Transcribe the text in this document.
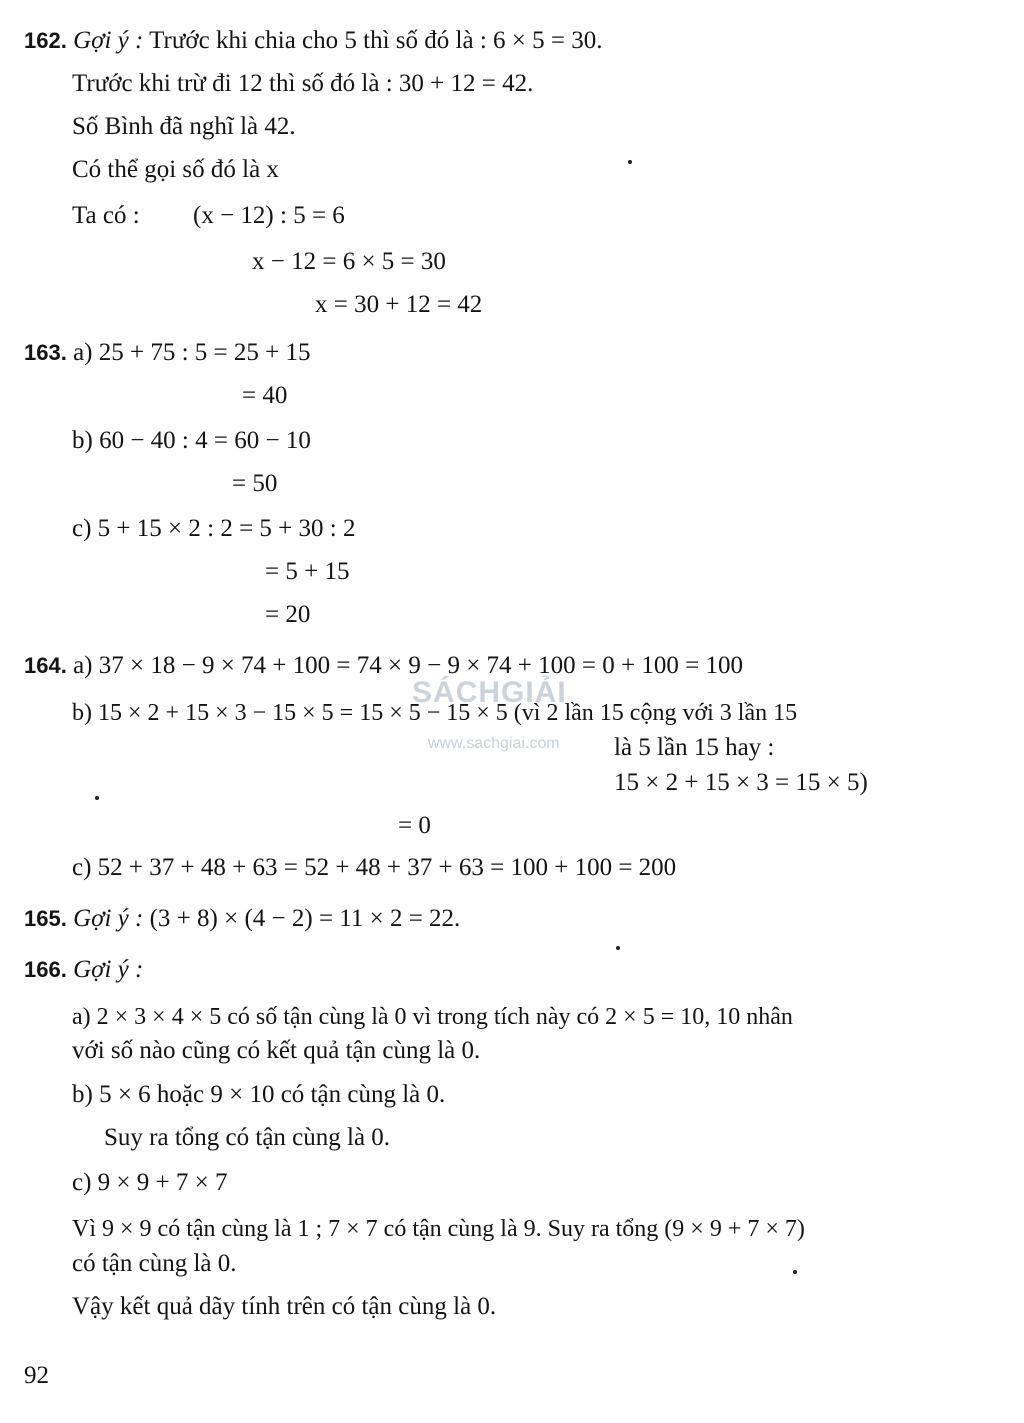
162. Gợi ý : Trước khi chia cho 5 thì số đó là : 6 × 5 = 30.
Trước khi trừ đi 12 thì số đó là : 30 + 12 = 42.
Số Bình đã nghĩ là 42.
Có thể gọi số đó là x
Ta có : (x − 12) : 5 = 6
x − 12 = 6 × 5 = 30
x = 30 + 12 = 42
163. a) 25 + 75 : 5 = 25 + 15
= 40
b) 60 − 40 : 4 = 60 − 10
= 50
c) 5 + 15 × 2 : 2 = 5 + 30 : 2
= 5 + 15
= 20
164. a) 37 × 18 − 9 × 74 + 100 = 74 × 9 − 9 × 74 + 100 = 0 + 100 = 100
b) 15 × 2 + 15 × 3 − 15 × 5 = 15 × 5 − 15 × 5 (vì 2 lần 15 cộng với 3 lần 15
là 5 lần 15 hay :
15 × 2 + 15 × 3 = 15 × 5)
= 0
c) 52 + 37 + 48 + 63 = 52 + 48 + 37 + 63 = 100 + 100 = 200
165. Gợi ý : (3 + 8) × (4 − 2) = 11 × 2 = 22.
166. Gợi ý :
a) 2 × 3 × 4 × 5 có số tận cùng là 0 vì trong tích này có 2 × 5 = 10, 10 nhân
với số nào cũng có kết quả tận cùng là 0.
b) 5 × 6 hoặc 9 × 10 có tận cùng là 0.
Suy ra tổng có tận cùng là 0.
c) 9 × 9 + 7 × 7
Vì 9 × 9 có tận cùng là 1 ; 7 × 7 có tận cùng là 9. Suy ra tổng (9 × 9 + 7 × 7)
có tận cùng là 0.
Vậy kết quả dãy tính trên có tận cùng là 0.
SÁCHGIẢI
www.sachgiai.com
92
